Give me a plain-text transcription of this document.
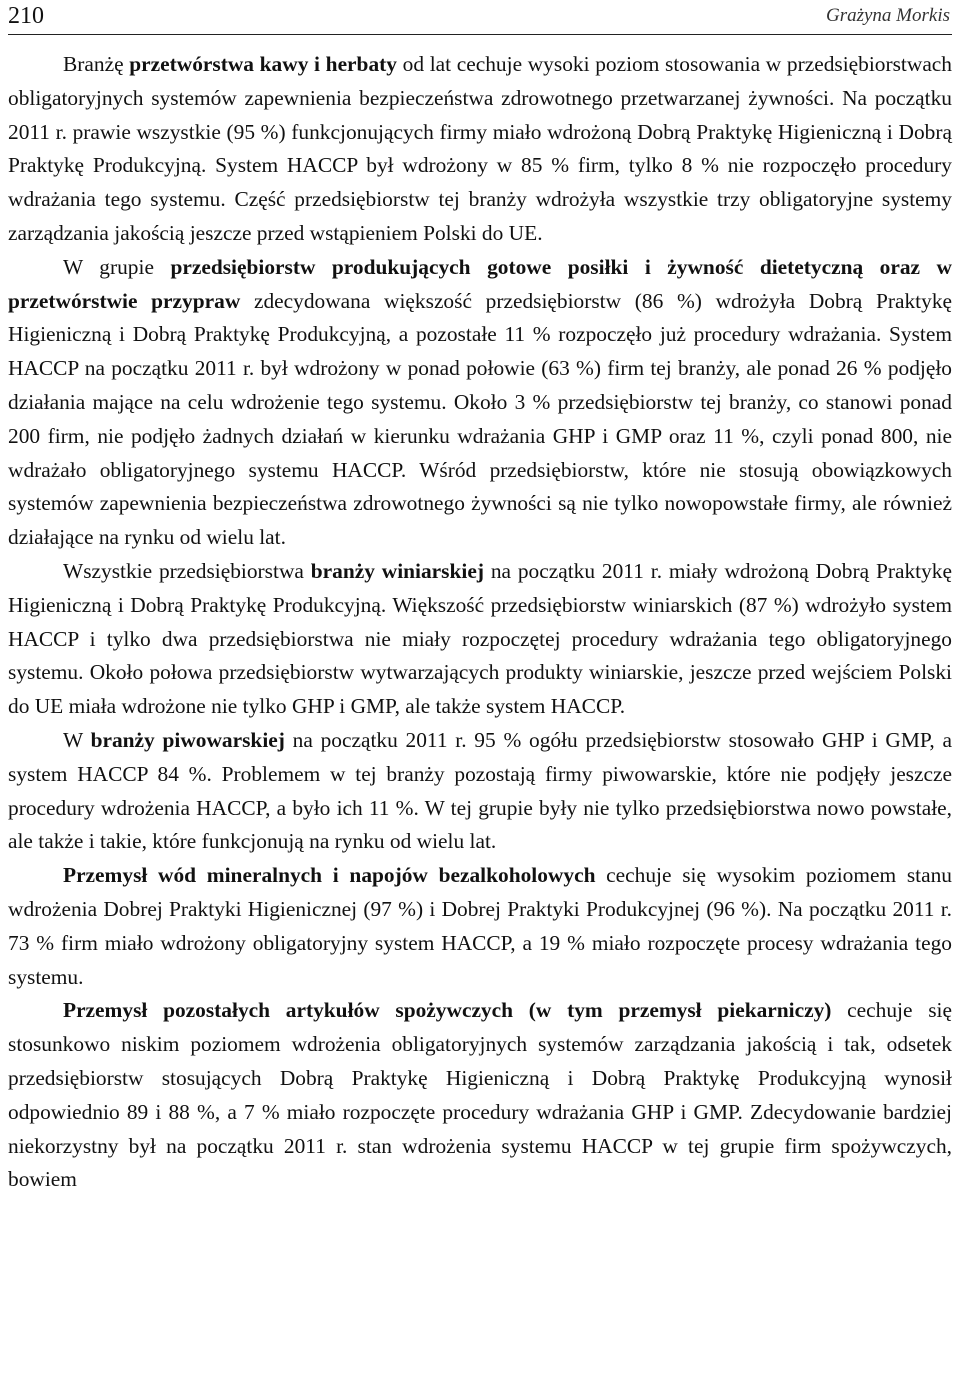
210	Grażyna Morkis

Branżę przetwórstwa kawy i herbaty od lat cechuje wysoki poziom stosowania w przedsiębiorstwach obligatoryjnych systemów zapewnienia bezpieczeństwa zdrowotnego przetwarzanej żywności. Na początku 2011 r. prawie wszystkie (95 %) funkcjonujących firmy miało wdrożoną Dobrą Praktykę Higieniczną i Dobrą Praktykę Produkcyjną. System HACCP był wdrożony w 85 % firm, tylko 8 % nie rozpoczęło procedury wdrażania tego systemu. Część przedsiębiorstw tej branży wdrożyła wszystkie trzy obligatoryjne systemy zarządzania jakością jeszcze przed wstąpieniem Polski do UE.

W grupie przedsiębiorstw produkujących gotowe posiłki i żywność dietetyczną oraz w przetwórstwie przypraw zdecydowana większość przedsiębiorstw (86 %) wdrożyła Dobrą Praktykę Higieniczną i Dobrą Praktykę Produkcyjną, a pozostałe 11 % rozpoczęło już procedury wdrażania. System HACCP na początku 2011 r. był wdrożony w ponad połowie (63 %) firm tej branży, ale ponad 26 % podjęło działania mające na celu wdrożenie tego systemu. Około 3 % przedsiębiorstw tej branży, co stanowi ponad 200 firm, nie podjęło żadnych działań w kierunku wdrażania GHP i GMP oraz 11 %, czyli ponad 800, nie wdrażało obligatoryjnego systemu HACCP. Wśród przedsiębiorstw, które nie stosują obowiązkowych systemów zapewnienia bezpieczeństwa zdrowotnego żywności są nie tylko nowopowstałe firmy, ale również działające na rynku od wielu lat.

Wszystkie przedsiębiorstwa branży winiarskiej na początku 2011 r. miały wdrożoną Dobrą Praktykę Higieniczną i Dobrą Praktykę Produkcyjną. Większość przedsiębiorstw winiarskich (87 %) wdrożyło system HACCP i tylko dwa przedsiębiorstwa nie miały rozpoczętej procedury wdrażania tego obligatoryjnego systemu. Około połowa przedsiębiorstw wytwarzających produkty winiarskie, jeszcze przed wejściem Polski do UE miała wdrożone nie tylko GHP i GMP, ale także system HACCP.

W branży piwowarskiej na początku 2011 r. 95 % ogółu przedsiębiorstw stosowało GHP i GMP, a system HACCP 84 %. Problemem w tej branży pozostają firmy piwowarskie, które nie podjęły jeszcze procedury wdrożenia HACCP, a było ich 11 %. W tej grupie były nie tylko przedsiębiorstwa nowo powstałe, ale także i takie, które funkcjonują na rynku od wielu lat.

Przemysł wód mineralnych i napojów bezalkoholowych cechuje się wysokim poziomem stanu wdrożenia Dobrej Praktyki Higienicznej (97 %) i Dobrej Praktyki Produkcyjnej (96 %). Na początku 2011 r. 73 % firm miało wdrożony obligatoryjny system HACCP, a 19 % miało rozpoczęte procesy wdrażania tego systemu.

Przemysł pozostałych artykułów spożywczych (w tym przemysł piekarniczy) cechuje się stosunkowo niskim poziomem wdrożenia obligatoryjnych systemów zarządzania jakością i tak, odsetek przedsiębiorstw stosujących Dobrą Praktykę Higieniczną i Dobrą Praktykę Produkcyjną wynosił odpowiednio 89 i 88 %, a 7 % miało rozpoczęte procedury wdrażania GHP i GMP. Zdecydowanie bardziej niekorzystny był na początku 2011 r. stan wdrożenia systemu HACCP w tej grupie firm spożywczych, bowiem
